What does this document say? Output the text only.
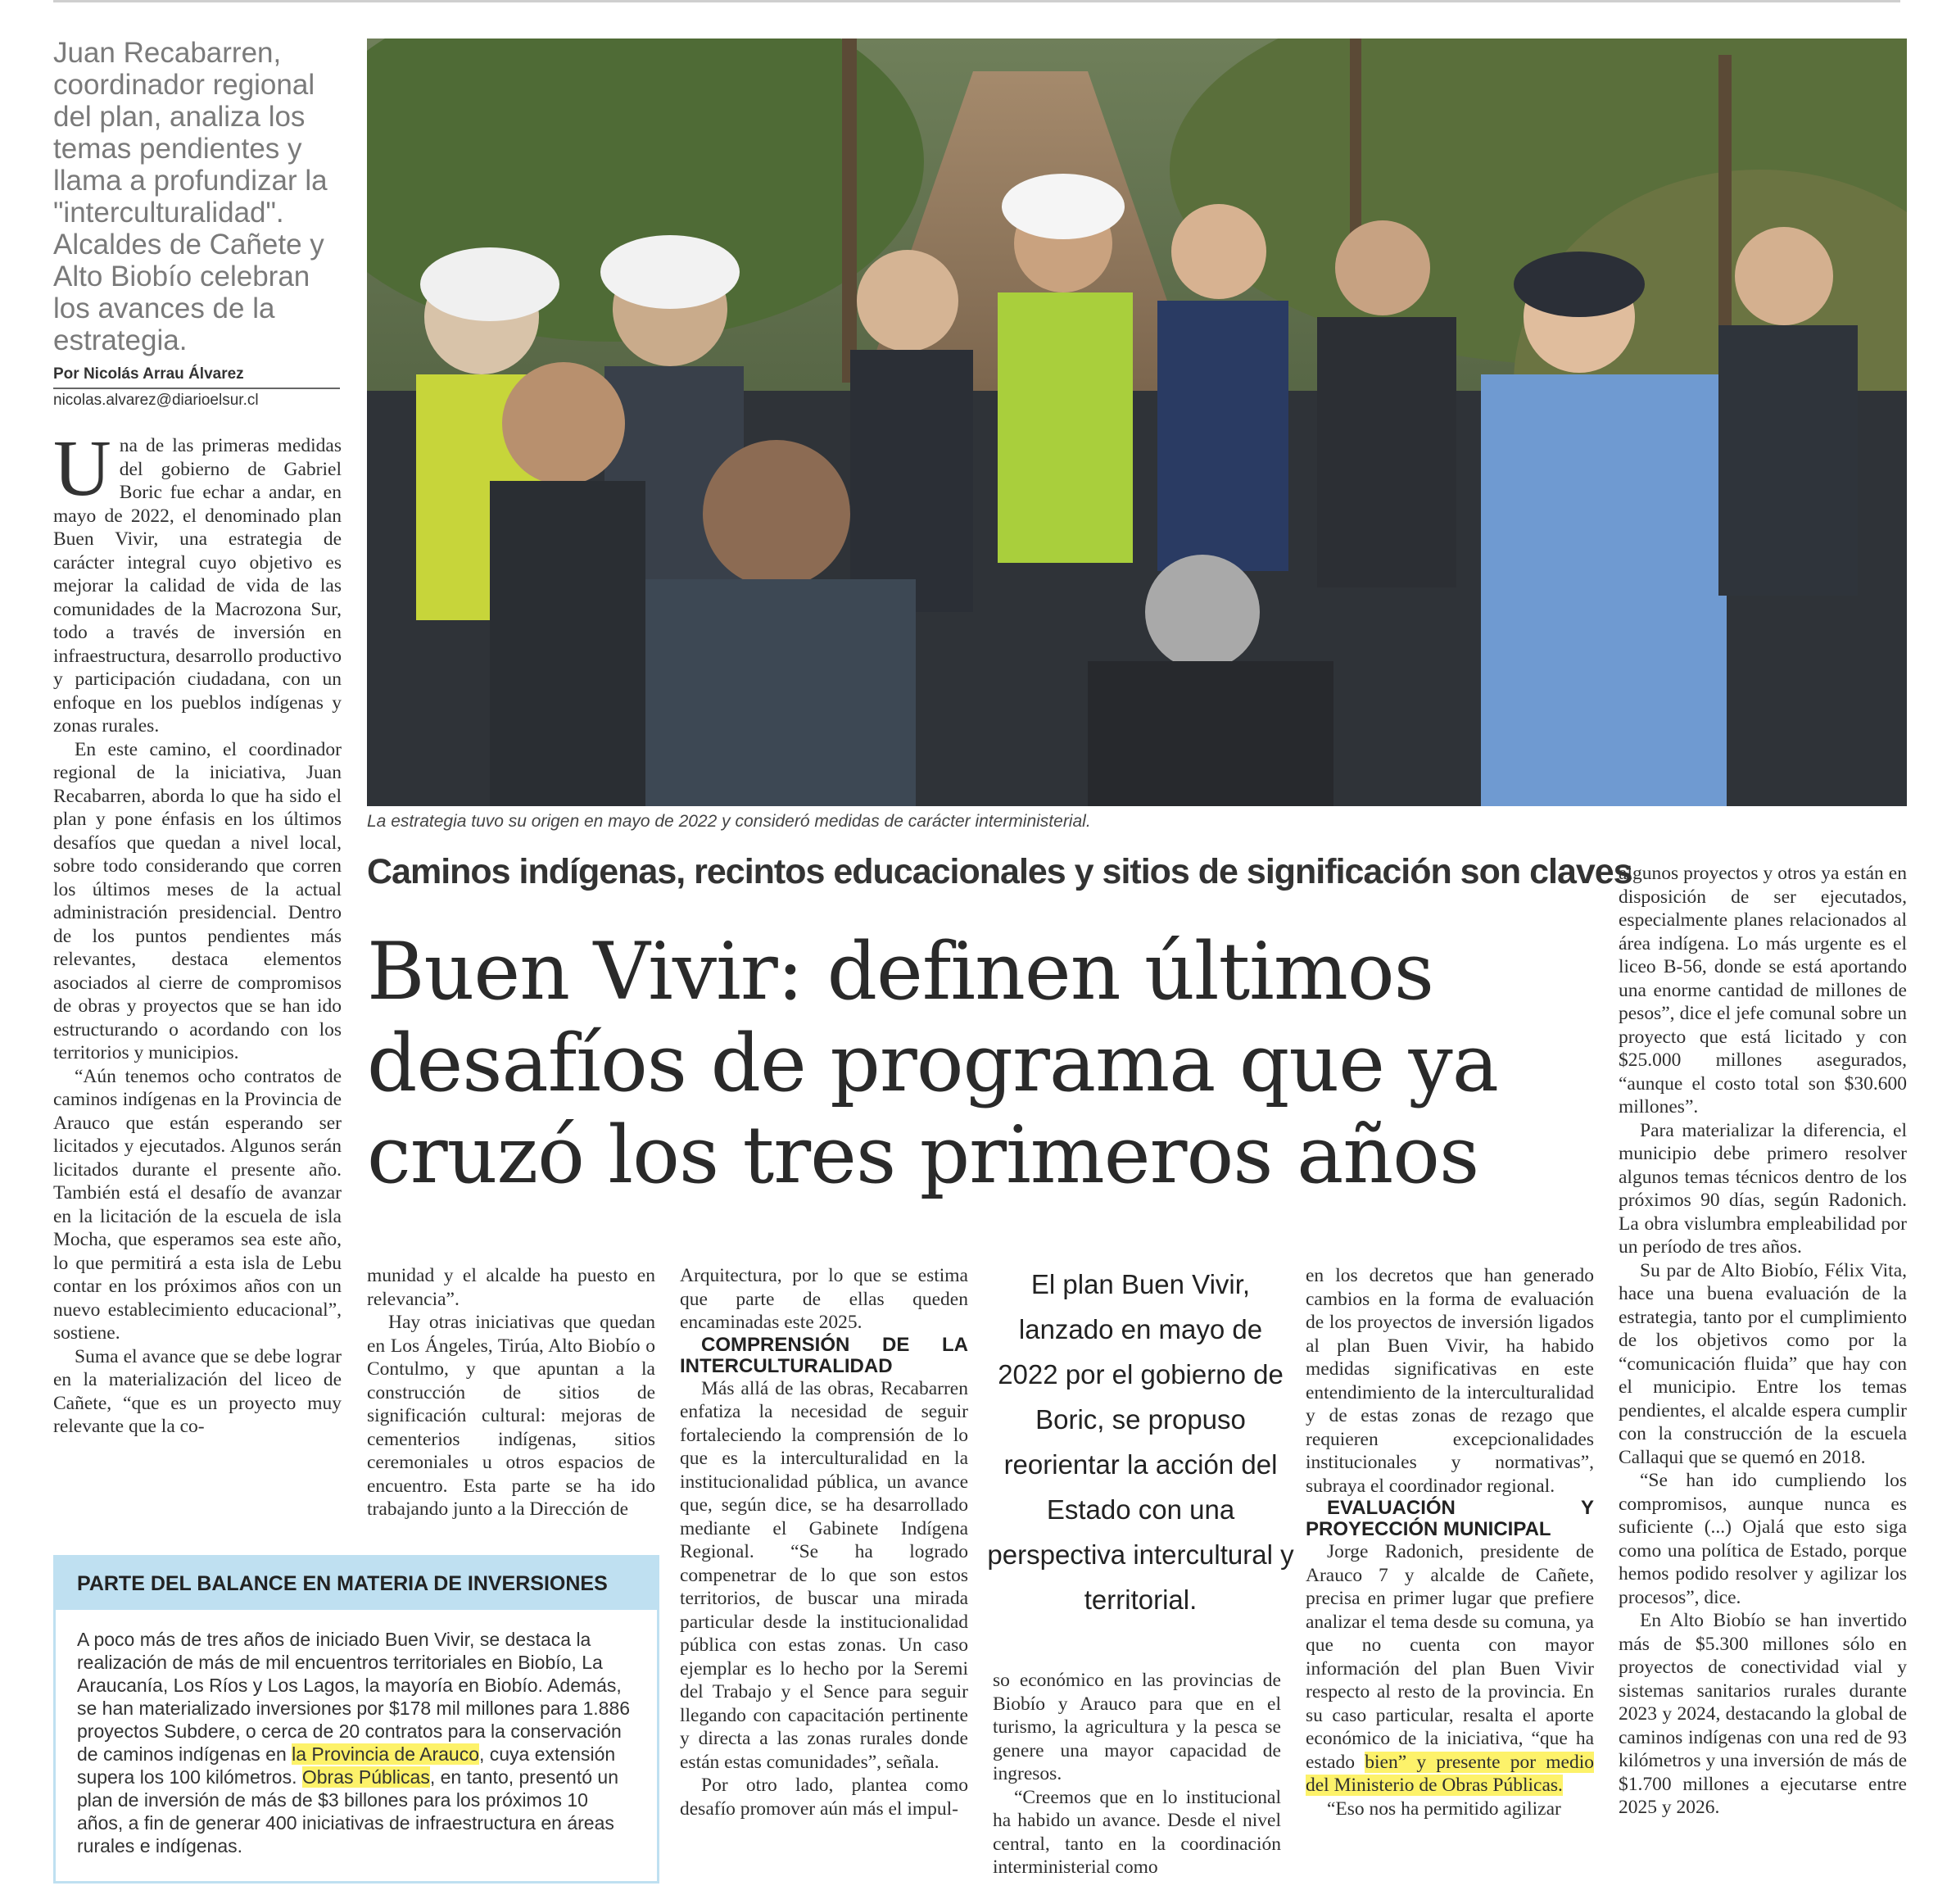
Juan Recabarren, coordinador regional del plan, analiza los temas pendientes y llama a profundizar la "interculturalidad". Alcaldes de Cañete y Alto Biobío celebran los avances de la estrategia.
Por Nicolás Arrau Álvarez
nicolas.alvarez@diarioelsur.cl

Una de las primeras medidas del gobierno de Gabriel Boric fue echar a andar, en mayo de 2022, el denominado plan Buen Vivir, una estrategia de carácter integral cuyo objetivo es mejorar la calidad de vida de las comunidades de la Macrozona Sur, todo a través de inversión en infraestructura, desarrollo productivo y participación ciudadana, con un enfoque en los pueblos indígenas y zonas rurales.

En este camino, el coordinador regional de la iniciativa, Juan Recabarren, aborda lo que ha sido el plan y pone énfasis en los últimos desafíos que quedan a nivel local, sobre todo considerando que corren los últimos meses de la actual administración presidencial. Dentro de los puntos pendientes más relevantes, destaca elementos asociados al cierre de compromisos de obras y proyectos que se han ido estructurando o acordando con los territorios y municipios.

“Aún tenemos ocho contratos de caminos indígenas en la Provincia de Arauco que están esperando ser licitados y ejecutados. Algunos serán licitados durante el presente año. También está el desafío de avanzar en la licitación de la escuela de isla Mocha, que esperamos sea este año, lo que permitirá a esta isla de Lebu contar en los próximos años con un nuevo establecimiento educacional”, sostiene.

Suma el avance que se debe lograr en la materialización del liceo de Cañete, “que es un proyecto muy relevante que la co-

La estrategia tuvo su origen en mayo de 2022 y consideró medidas de carácter interministerial.
Caminos indígenas, recintos educacionales y sitios de significación son claves
Buen Vivir: definen últimos desafíos de programa que ya cruzó los tres primeros años

munidad y el alcalde ha puesto en relevancia”.

Hay otras iniciativas que quedan en Los Ángeles, Tirúa, Alto Biobío o Contulmo, y que apuntan a la construcción de sitios de significación cultural: mejoras de cementerios indígenas, sitios ceremoniales u otros espacios de encuentro. Esta parte se ha ido trabajando junto a la Dirección de

Arquitectura, por lo que se estima que parte de ellas queden encaminadas este 2025.

COMPRENSIÓN DE LA INTERCULTURALIDAD

Más allá de las obras, Recabarren enfatiza la necesidad de seguir fortaleciendo la comprensión de lo que es la interculturalidad en la institucionalidad pública, un avance que, según dice, se ha desarrollado mediante el Gabinete Indígena Regional. “Se ha logrado compenetrar de lo que son estos territorios, de buscar una mirada particular desde la institucionalidad pública con estas zonas. Un caso ejemplar es lo hecho por la Seremi del Trabajo y el Sence para seguir llegando con capacitación pertinente y directa a las zonas rurales donde están estas comunidades”, señala.

Por otro lado, plantea como desafío promover aún más el impul-

El plan Buen Vivir, lanzado en mayo de 2022 por el gobierno de Boric, se propuso reorientar la acción del Estado con una perspectiva intercultural y territorial.

so económico en las provincias de Biobío y Arauco para que en el turismo, la agricultura y la pesca se genere una mayor capacidad de ingresos.

“Creemos que en lo institucional ha habido un avance. Desde el nivel central, tanto en la coordinación interministerial como

en los decretos que han generado cambios en la forma de evaluación de los proyectos de inversión ligados al plan Buen Vivir, ha habido medidas significativas en este entendimiento de la interculturalidad y de estas zonas de rezago que requieren excepcionalidades institucionales y normativas”, subraya el coordinador regional.

EVALUACIÓN Y PROYECCIÓN MUNICIPAL

Jorge Radonich, presidente de Arauco 7 y alcalde de Cañete, precisa en primer lugar que prefiere analizar el tema desde su comuna, ya que no cuenta con mayor información del plan Buen Vivir respecto al resto de la provincia. En su caso particular, resalta el aporte económico de la iniciativa, “que ha estado bien” y presente por medio del Ministerio de Obras Públicas.

“Eso nos ha permitido agilizar

algunos proyectos y otros ya están en disposición de ser ejecutados, especialmente planes relacionados al área indígena. Lo más urgente es el liceo B-56, donde se está aportando una enorme cantidad de millones de pesos”, dice el jefe comunal sobre un proyecto que está licitado y con $25.000 millones asegurados, “aunque el costo total son $30.600 millones”.

Para materializar la diferencia, el municipio debe primero resolver algunos temas técnicos dentro de los próximos 90 días, según Radonich. La obra vislumbra empleabilidad por un período de tres años.

Su par de Alto Biobío, Félix Vita, hace una buena evaluación de la estrategia, tanto por el cumplimiento de los objetivos como por la “comunicación fluida” que hay con el municipio. Entre los temas pendientes, el alcalde espera cumplir con la construcción de la escuela Callaqui que se quemó en 2018.

“Se han ido cumpliendo los compromisos, aunque nunca es suficiente (...) Ojalá que esto siga como una política de Estado, porque hemos podido resolver y agilizar los procesos”, dice.

En Alto Biobío se han invertido más de $5.300 millones sólo en proyectos de conectividad vial y sistemas sanitarios rurales durante 2023 y 2024, destacando la global de caminos indígenas con una red de 93 kilómetros y una inversión de más de $1.700 millones a ejecutarse entre 2025 y 2026.

PARTE DEL BALANCE EN MATERIA DE INVERSIONES
A poco más de tres años de iniciado Buen Vivir, se destaca la realización de más de mil encuentros territoriales en Biobío, La Araucanía, Los Ríos y Los Lagos, la mayoría en Biobío. Además, se han materializado inversiones por $178 mil millones para 1.886 proyectos Subdere, o cerca de 20 contratos para la conservación de caminos indígenas en la Provincia de Arauco, cuya extensión supera los 100 kilómetros. Obras Públicas, en tanto, presentó un plan de inversión de más de $3 billones para los próximos 10 años, a fin de generar 400 iniciativas de infraestructura en áreas rurales e indígenas.
